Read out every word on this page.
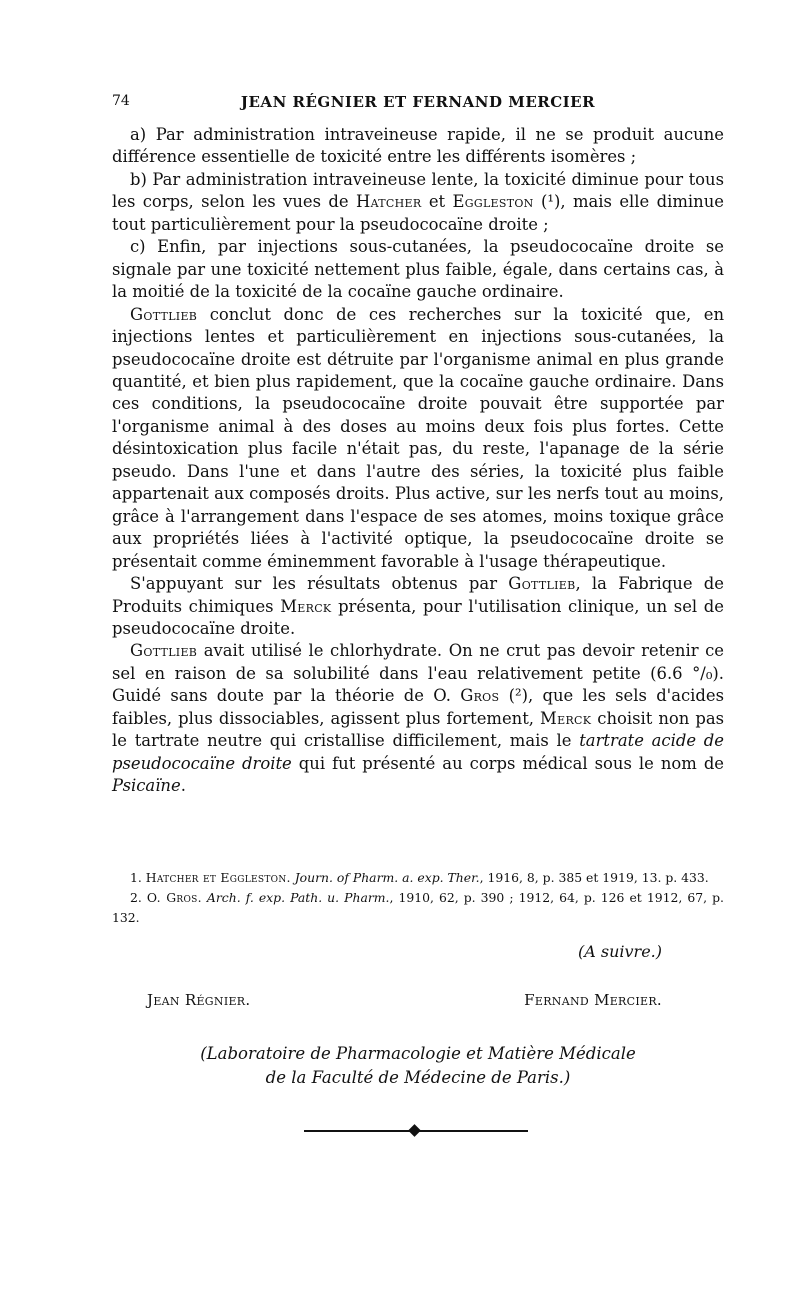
74	JEAN RÉGNIER ET FERNAND MERCIER

a) Par administration intraveineuse rapide, il ne se produit aucune différence essentielle de toxicité entre les différents isomères ;

b) Par administration intraveineuse lente, la toxicité diminue pour tous les corps, selon les vues de Hatcher et Eggleston (¹), mais elle diminue tout particulièrement pour la pseudococaïne droite ;

c) Enfin, par injections sous-cutanées, la pseudococaïne droite se signale par une toxicité nettement plus faible, égale, dans certains cas, à la moitié de la toxicité de la cocaïne gauche ordinaire.

Gottlieb conclut donc de ces recherches sur la toxicité que, en injections lentes et particulièrement en injections sous-cutanées, la pseudococaïne droite est détruite par l'organisme animal en plus grande quantité, et bien plus rapidement, que la cocaïne gauche ordinaire. Dans ces conditions, la pseudococaïne droite pouvait être supportée par l'organisme animal à des doses au moins deux fois plus fortes. Cette désintoxication plus facile n'était pas, du reste, l'apanage de la série pseudo. Dans l'une et dans l'autre des séries, la toxicité plus faible appartenait aux composés droits. Plus active, sur les nerfs tout au moins, grâce à l'arrangement dans l'espace de ses atomes, moins toxique grâce aux propriétés liées à l'activité optique, la pseudococaïne droite se présentait comme éminemment favorable à l'usage thérapeutique.

S'appuyant sur les résultats obtenus par Gottlieb, la Fabrique de Produits chimiques Merck présenta, pour l'utilisation clinique, un sel de pseudococaïne droite.

Gottlieb avait utilisé le chlorhydrate. On ne crut pas devoir retenir ce sel en raison de sa solubilité dans l'eau relativement petite (6.6 °/₀). Guidé sans doute par la théorie de O. Gros (²), que les sels d'acides faibles, plus dissociables, agissent plus fortement, Merck choisit non pas le tartrate neutre qui cristallise difficilement, mais le tartrate acide de pseudococaïne droite qui fut présenté au corps médical sous le nom de Psicaïne.

1. Hatcher et Eggleston. Journ. of Pharm. a. exp. Ther., 1916, 8, p. 385 et 1919, 13. p. 433.

2. O. Gros. Arch. f. exp. Path. u. Pharm., 1910, 62, p. 390 ; 1912, 64, p. 126 et 1912, 67, p. 132.

(A suivre.)
Jean Régnier.	Fernand Mercier.
(Laboratoire de Pharmacologie et Matière Médicale
de la Faculté de Médecine de Paris.)
